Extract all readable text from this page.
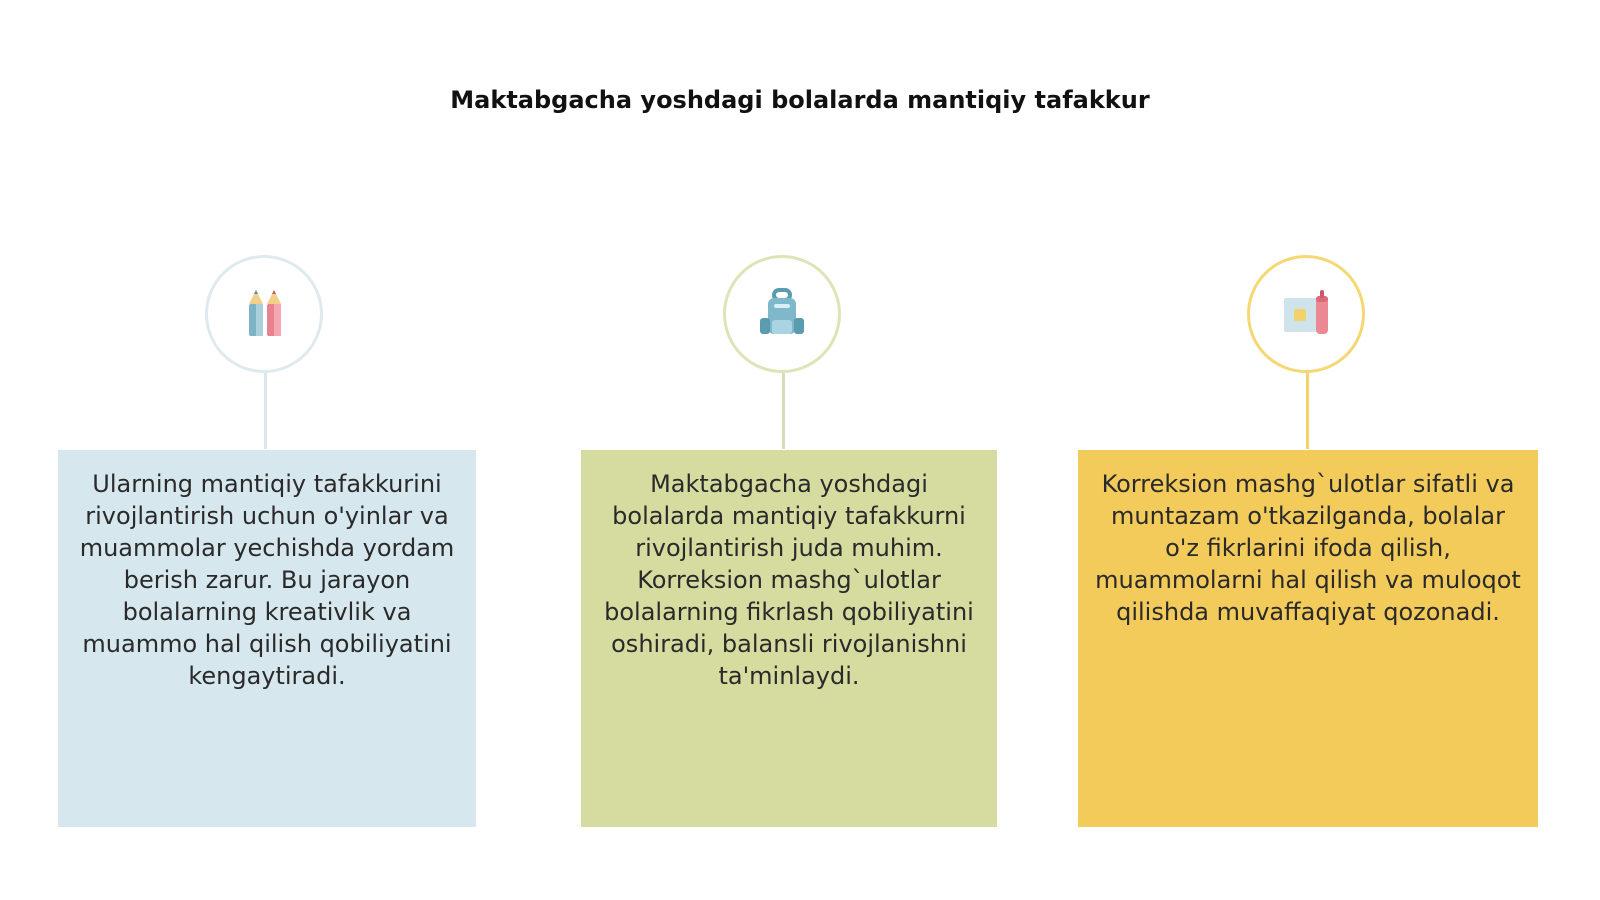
Maktabgacha yoshdagi bolalarda mantiqiy tafakkur

Ularning mantiqiy tafakkurini rivojlantirish uchun o'yinlar va muammolar yechishda yordam berish zarur. Bu jarayon bolalarning kreativlik va muammo hal qilish qobiliyatini kengaytiradi.

Maktabgacha yoshdagi bolalarda mantiqiy tafakkurni rivojlantirish juda muhim. Korreksion mashg`ulotlar bolalarning fikrlash qobiliyatini oshiradi, balansli rivojlanishni ta'minlaydi.

Korreksion mashg`ulotlar sifatli va muntazam o'tkazilganda, bolalar o'z fikrlarini ifoda qilish, muammolarni hal qilish va muloqot qilishda muvaffaqiyat qozonadi.
